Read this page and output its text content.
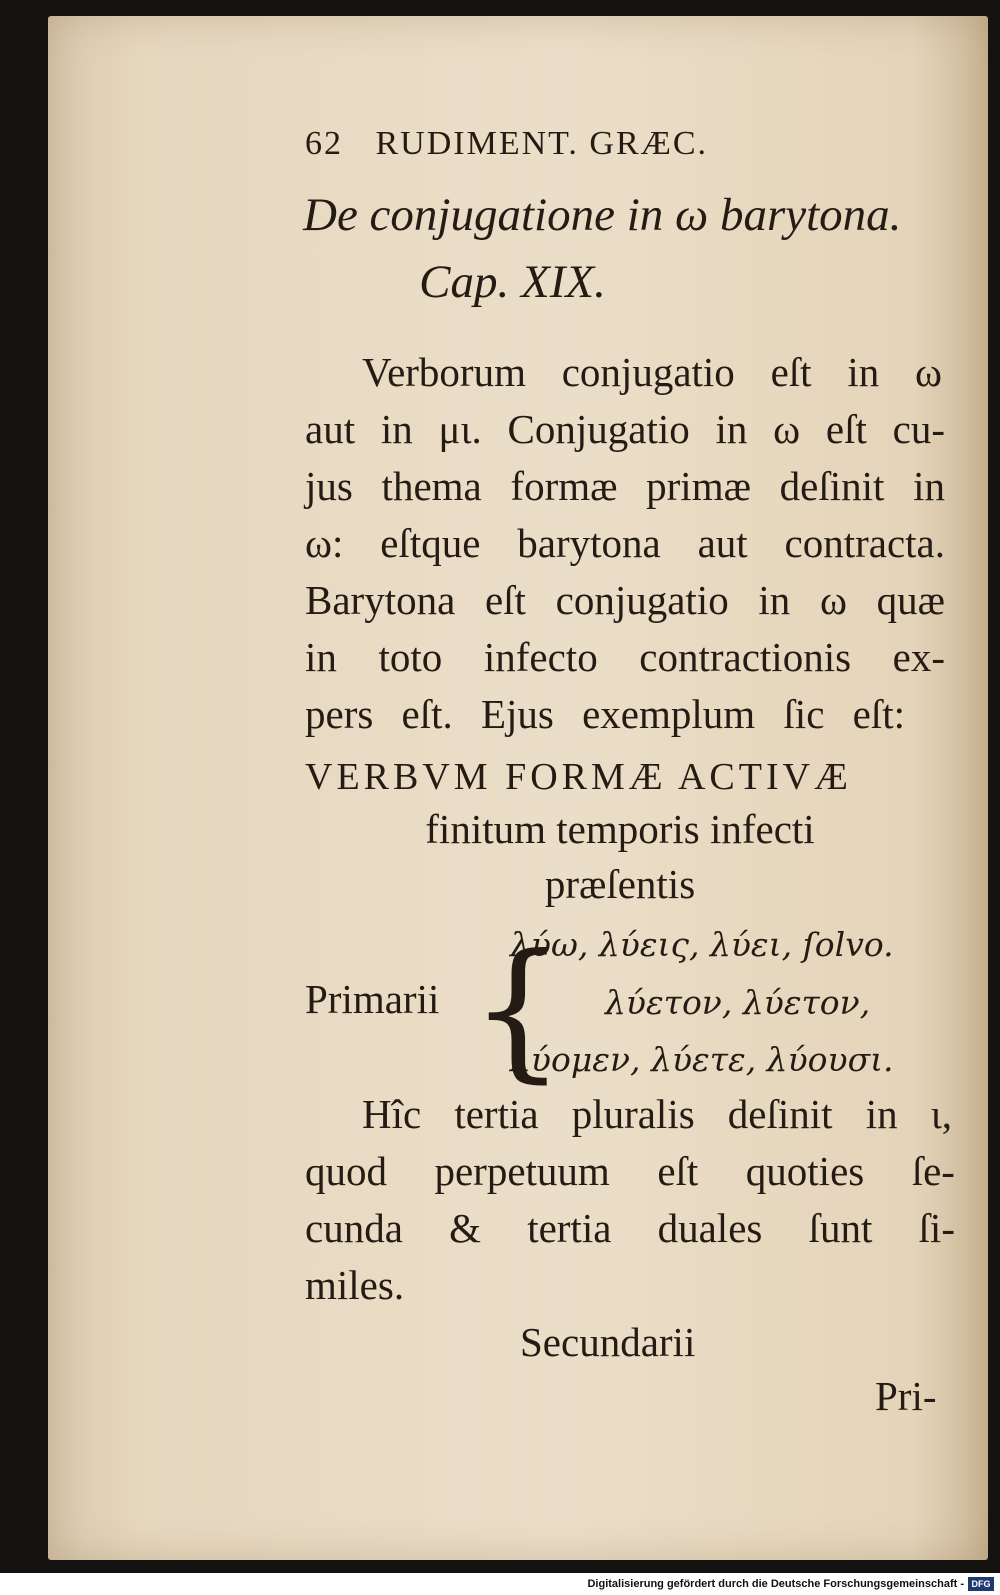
62 RUDIMENT. GRÆC.
De conjugatione in ω barytona.
Cap. XIX.
Verborum conjugatio eſt in ω
aut in μι. Conjugatio in ω eſt cu-
jus thema formæ primæ deſinit in
ω: eſtque barytona aut contracta.
Barytona eſt conjugatio in ω quæ
in toto infecto contractionis ex-
pers eſt. Ejus exemplum ſic eſt:
VERBVM FORMÆ ACTIVÆ
finitum temporis infecti
præſentis
Primarii {
λύω, λύεις, λύει, ſolvo.
λύετον, λύετον,
λύομεν, λύετε, λύουσι.
Hîc tertia pluralis deſinit in ι,
quod perpetuum eſt quoties ſe-
cunda & tertia duales ſunt ſi-
miles.
Secundarii
Pri-
Digitalisierung gefördert durch die Deutsche Forschungsgemeinschaft - DFG
